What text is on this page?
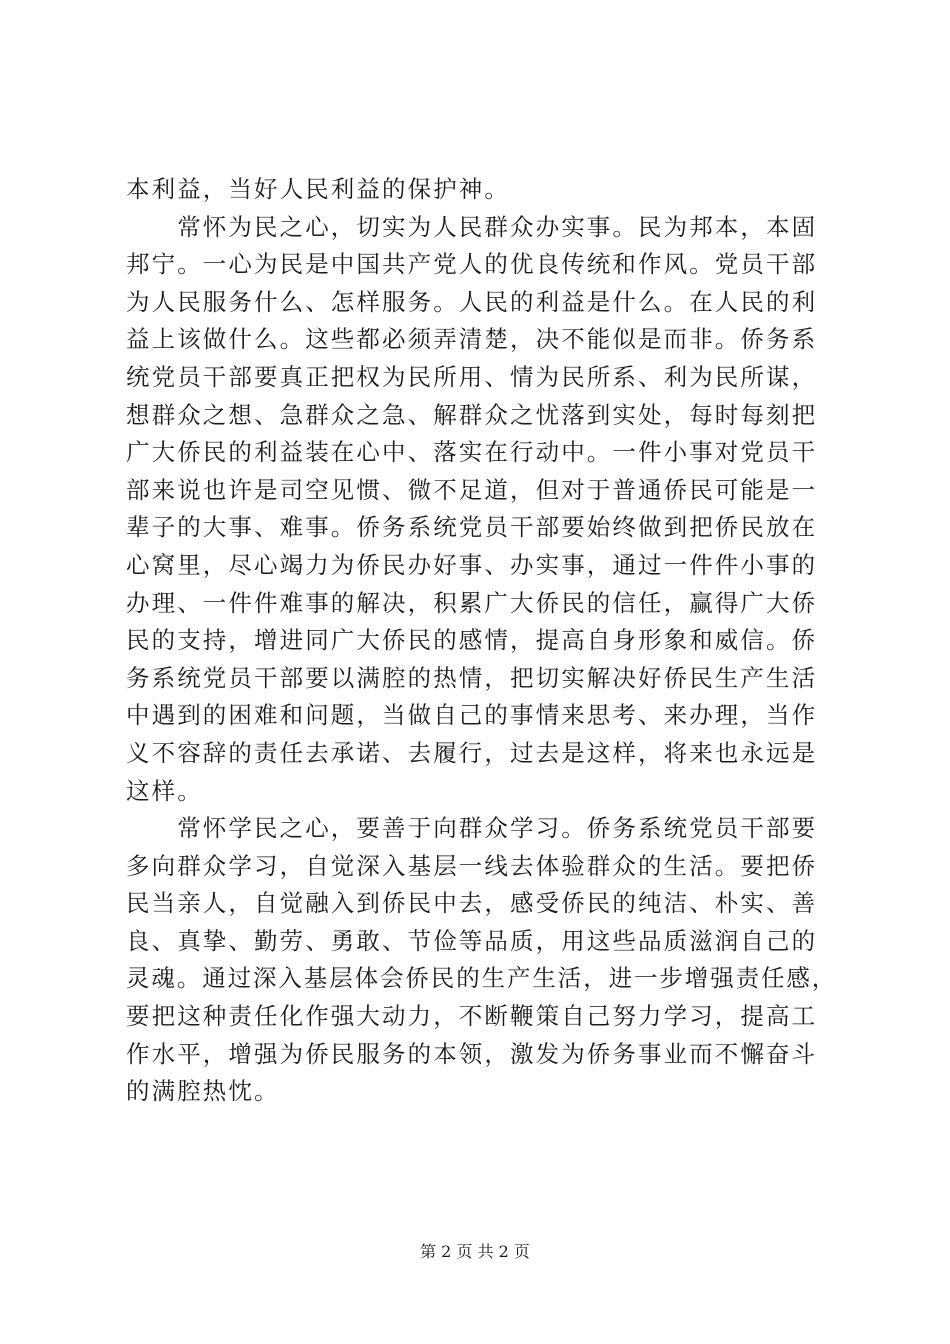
本利益，当好人民利益的保护神。
　　常怀为民之心，切实为人民群众办实事。民为邦本，本固
邦宁。一心为民是中国共产党人的优良传统和作风。党员干部
为人民服务什么、怎样服务。人民的利益是什么。在人民的利
益上该做什么。这些都必须弄清楚，决不能似是而非。侨务系
统党员干部要真正把权为民所用、情为民所系、利为民所谋，
想群众之想、急群众之急、解群众之忧落到实处，每时每刻把
广大侨民的利益装在心中、落实在行动中。一件小事对党员干
部来说也许是司空见惯、微不足道，但对于普通侨民可能是一
辈子的大事、难事。侨务系统党员干部要始终做到把侨民放在
心窝里，尽心竭力为侨民办好事、办实事，通过一件件小事的
办理、一件件难事的解决，积累广大侨民的信任，赢得广大侨
民的支持，增进同广大侨民的感情，提高自身形象和威信。侨
务系统党员干部要以满腔的热情，把切实解决好侨民生产生活
中遇到的困难和问题，当做自己的事情来思考、来办理，当作
义不容辞的责任去承诺、去履行，过去是这样，将来也永远是
这样。
　　常怀学民之心，要善于向群众学习。侨务系统党员干部要
多向群众学习，自觉深入基层一线去体验群众的生活。要把侨
民当亲人，自觉融入到侨民中去，感受侨民的纯洁、朴实、善
良、真挚、勤劳、勇敢、节俭等品质，用这些品质滋润自己的
灵魂。通过深入基层体会侨民的生产生活，进一步增强责任感，
要把这种责任化作强大动力，不断鞭策自己努力学习，提高工
作水平，增强为侨民服务的本领，激发为侨务事业而不懈奋斗
的满腔热忱。
第 2 页 共 2 页
